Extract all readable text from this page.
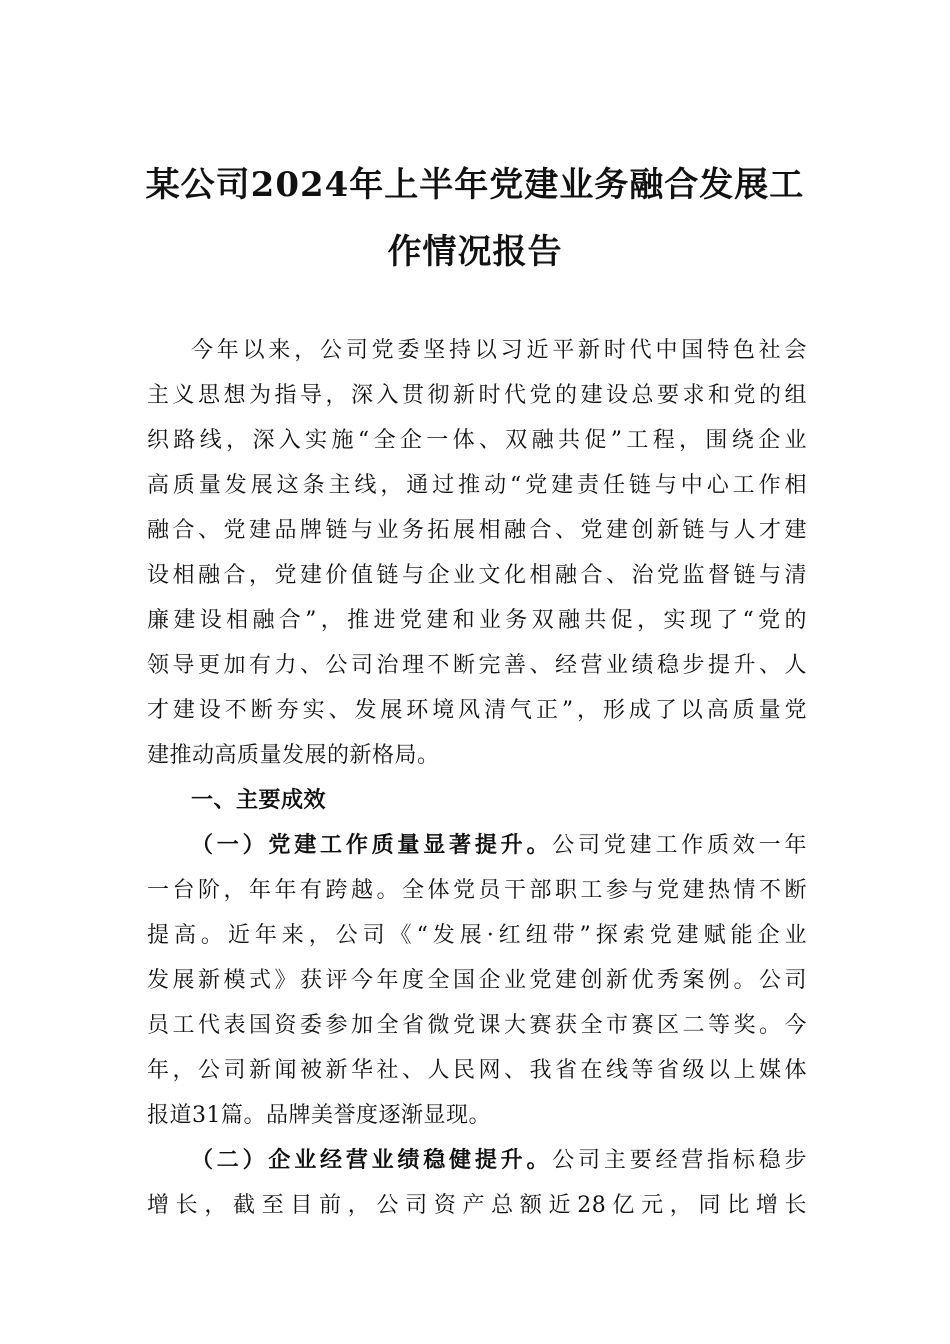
某公司2024年上半年党建业务融合发展工
作情况报告
今年以来，公司党委坚持以习近平新时代中国特色社会
主义思想为指导，深入贯彻新时代党的建设总要求和党的组
织路线，深入实施“全企一体、双融共促”工程，围绕企业
高质量发展这条主线，通过推动“党建责任链与中心工作相
融合、党建品牌链与业务拓展相融合、党建创新链与人才建
设相融合，党建价值链与企业文化相融合、治党监督链与清
廉建设相融合”，推进党建和业务双融共促，实现了“党的
领导更加有力、公司治理不断完善、经营业绩稳步提升、人
才建设不断夯实、发展环境风清气正”，形成了以高质量党
建推动高质量发展的新格局。
一、主要成效
（一）党建工作质量显著提升。公司党建工作质效一年
一台阶，年年有跨越。全体党员干部职工参与党建热情不断
提高。近年来，公司《“发展·红纽带”探索党建赋能企业
发展新模式》获评今年度全国企业党建创新优秀案例。公司
员工代表国资委参加全省微党课大赛获全市赛区二等奖。今
年，公司新闻被新华社、人民网、我省在线等省级以上媒体
报道31篇。品牌美誉度逐渐显现。
（二）企业经营业绩稳健提升。公司主要经营指标稳步
增长，截至目前，公司资产总额近28亿元，同比增长
